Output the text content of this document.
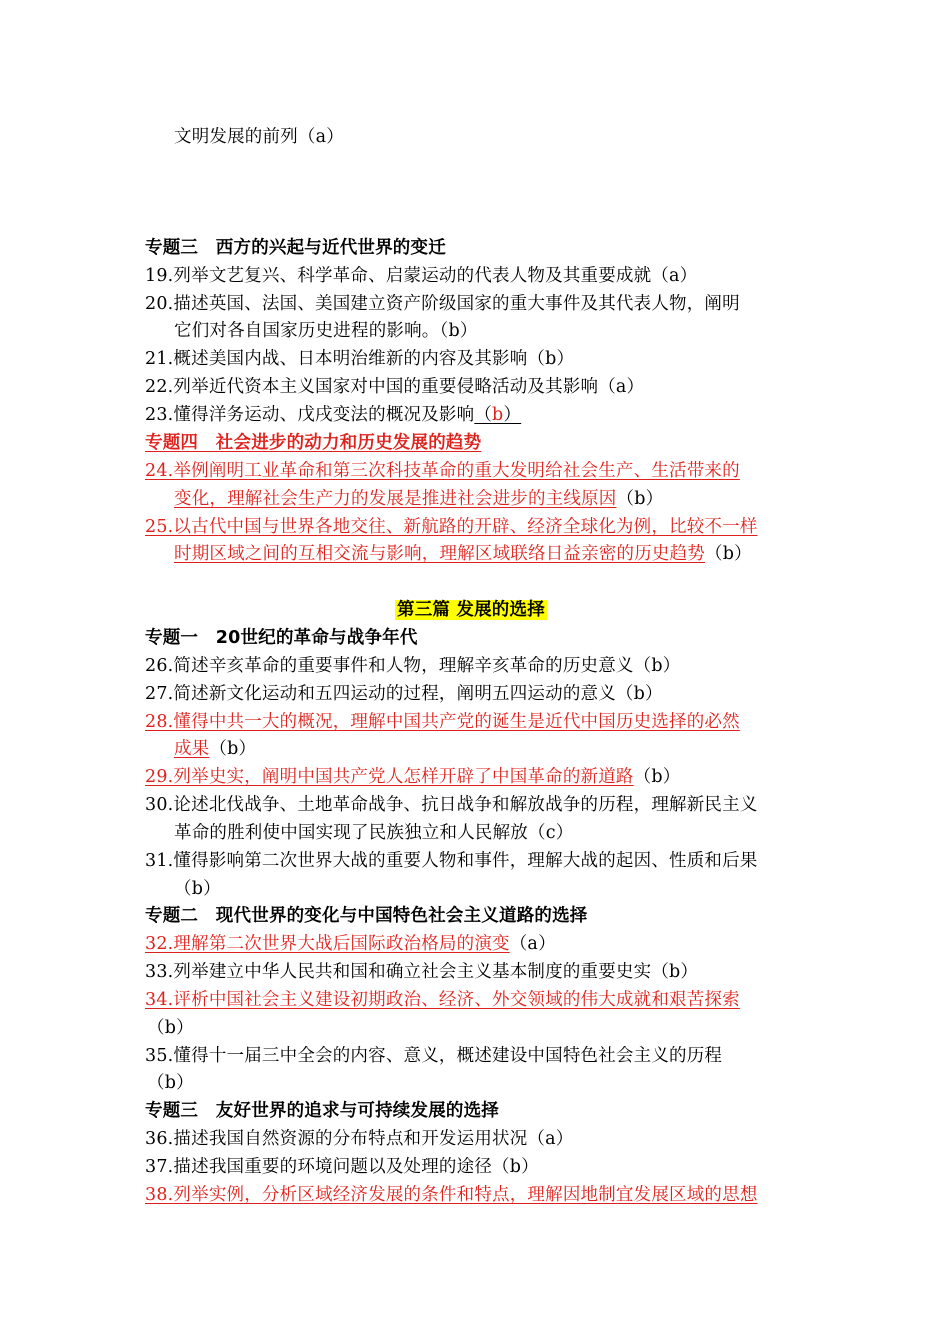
文明发展的前列（a）
专题三　西方的兴起与近代世界的变迁
19.列举文艺复兴、科学革命、启蒙运动的代表人物及其重要成就（a）
20.描述英国、法国、美国建立资产阶级国家的重大事件及其代表人物，阐明
它们对各自国家历史进程的影响。（b）
21.概述美国内战、日本明治维新的内容及其影响（b）
22.列举近代资本主义国家对中国的重要侵略活动及其影响（a）
23.懂得洋务运动、戊戌变法的概况及影响（b）
专题四　社会进步的动力和历史发展的趋势
24.举例阐明工业革命和第三次科技革命的重大发明给社会生产、生活带来的
变化，理解社会生产力的发展是推进社会进步的主线原因（b）
25.以古代中国与世界各地交往、新航路的开辟、经济全球化为例，比较不一样
时期区域之间的互相交流与影响，理解区域联络日益亲密的历史趋势（b）
第三篇 发展的选择
专题一　20世纪的革命与战争年代
26.简述辛亥革命的重要事件和人物，理解辛亥革命的历史意义（b）
27.简述新文化运动和五四运动的过程，阐明五四运动的意义（b）
28.懂得中共一大的概况，理解中国共产党的诞生是近代中国历史选择的必然
成果（b）
29.列举史实，阐明中国共产党人怎样开辟了中国革命的新道路（b）
30.论述北伐战争、土地革命战争、抗日战争和解放战争的历程，理解新民主义
革命的胜利使中国实现了民族独立和人民解放（c）
31.懂得影响第二次世界大战的重要人物和事件，理解大战的起因、性质和后果
（b）
专题二　现代世界的变化与中国特色社会主义道路的选择
32.理解第二次世界大战后国际政治格局的演变（a）
33.列举建立中华人民共和国和确立社会主义基本制度的重要史实（b）
34.评析中国社会主义建设初期政治、经济、外交领域的伟大成就和艰苦探索
（b）
35.懂得十一届三中全会的内容、意义，概述建设中国特色社会主义的历程
（b）
专题三　友好世界的追求与可持续发展的选择
36.描述我国自然资源的分布特点和开发运用状况（a）
37.描述我国重要的环境问题以及处理的途径（b）
38.列举实例，分析区域经济发展的条件和特点，理解因地制宜发展区域的思想
